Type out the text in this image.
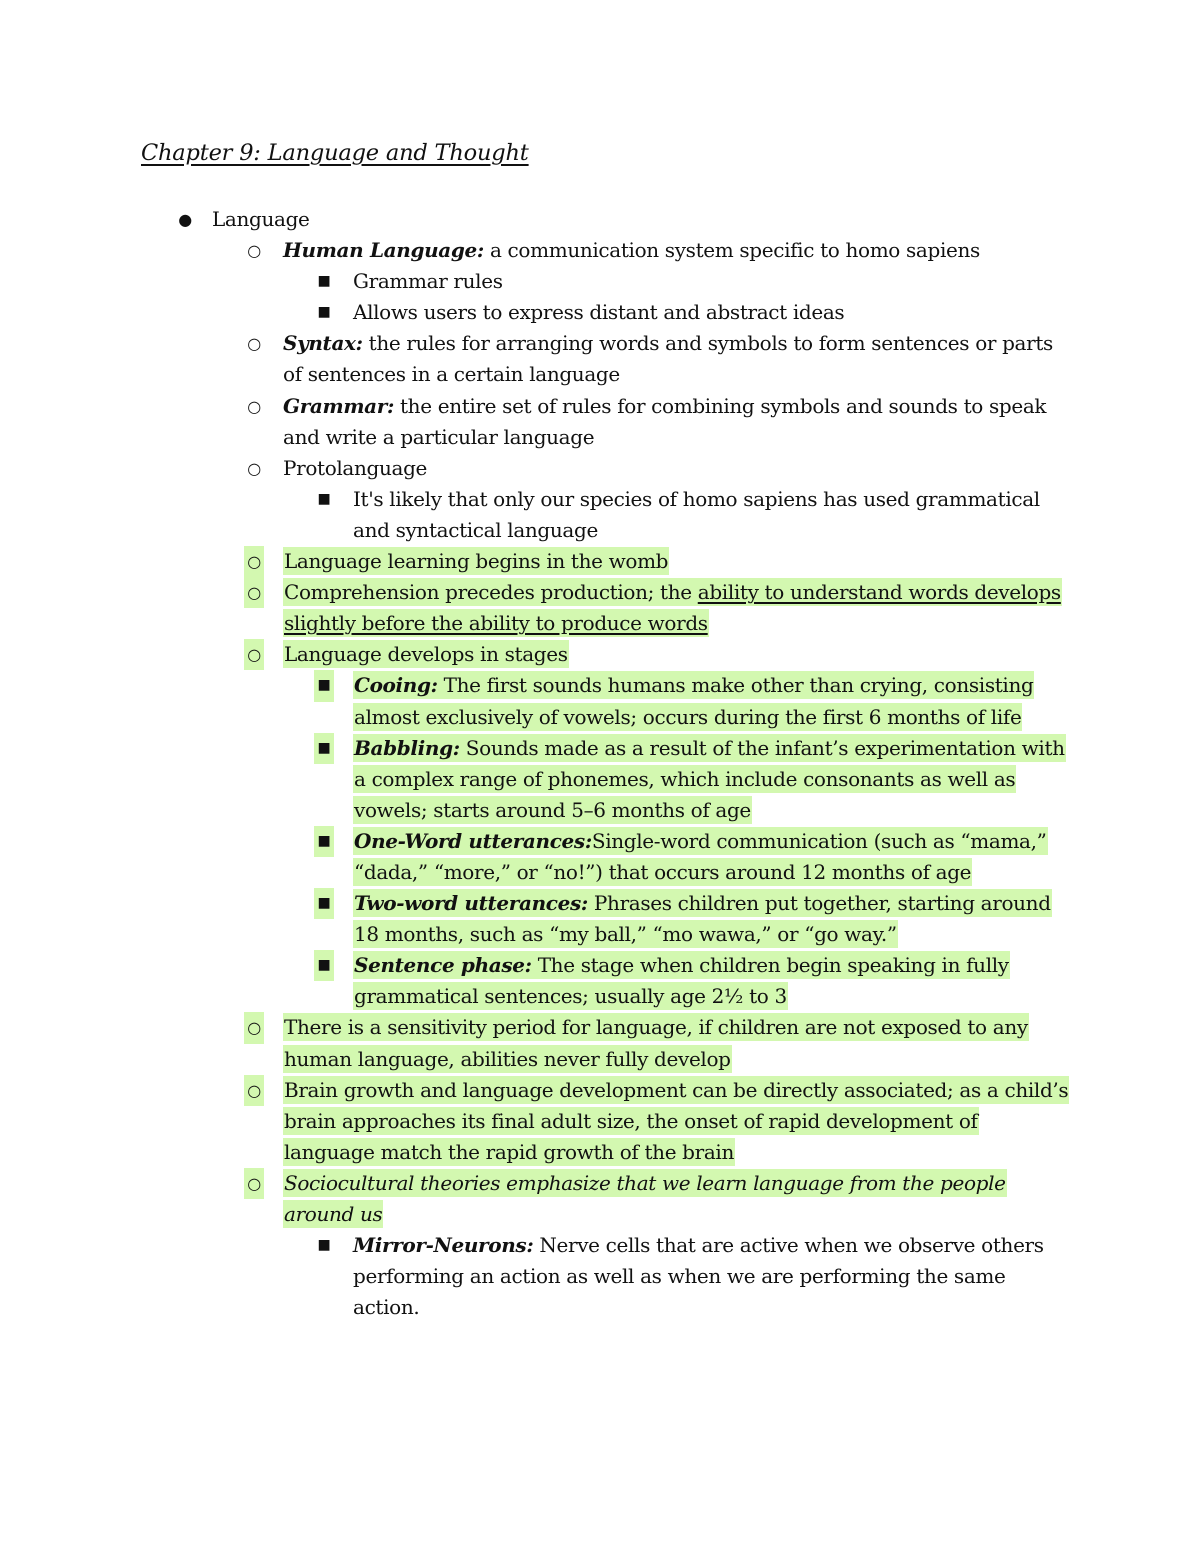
Chapter 9: Language and Thought
● Language
○ Human Language: a communication system specific to homo sapiens
■ Grammar rules
■ Allows users to express distant and abstract ideas
○ Syntax: the rules for arranging words and symbols to form sentences or parts of sentences in a certain language
○ Grammar: the entire set of rules for combining symbols and sounds to speak and write a particular language
○ Protolanguage
■ It's likely that only our species of homo sapiens has used grammatical and syntactical language
○ Language learning begins in the womb
○ Comprehension precedes production; the ability to understand words develops slightly before the ability to produce words
○ Language develops in stages
■ Cooing: The first sounds humans make other than crying, consisting almost exclusively of vowels; occurs during the first 6 months of life
■ Babbling: Sounds made as a result of the infant’s experimentation with a complex range of phonemes, which include consonants as well as vowels; starts around 5–6 months of age
■ One-Word utterances:Single-word communication (such as “mama,” “dada,” “more,” or “no!”) that occurs around 12 months of age
■ Two-word utterances: Phrases children put together, starting around 18 months, such as “my ball,” “mo wawa,” or “go way.”
■ Sentence phase: The stage when children begin speaking in fully grammatical sentences; usually age 2½ to 3
○ There is a sensitivity period for language, if children are not exposed to any human language, abilities never fully develop
○ Brain growth and language development can be directly associated; as a child’s brain approaches its final adult size, the onset of rapid development of language match the rapid growth of the brain
○ Sociocultural theories emphasize that we learn language from the people around us
■ Mirror-Neurons: Nerve cells that are active when we observe others performing an action as well as when we are performing the same action.
